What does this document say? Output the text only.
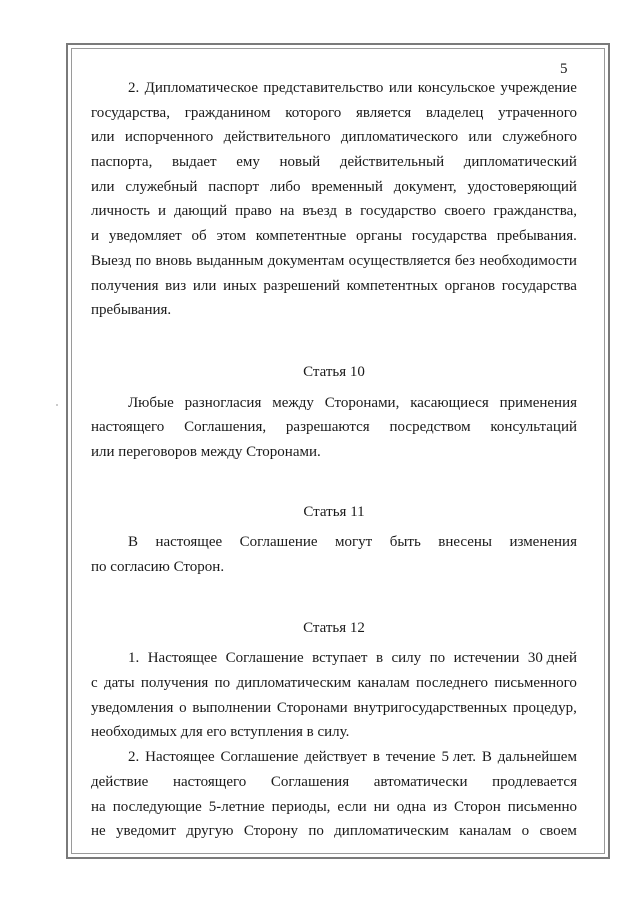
5
2. Дипломатическое представительство или консульское учреждение
государства, гражданином которого является владелец утраченного
или испорченного действительного дипломатического или служебного
паспорта, выдает ему новый действительный дипломатический
или служебный паспорт либо временный документ, удостоверяющий
личность и дающий право на въезд в государство своего гражданства,
и уведомляет об этом компетентные органы государства пребывания.
Выезд по вновь выданным документам осуществляется без необходимости
получения виз или иных разрешений компетентных органов государства
пребывания.
Статья 10
Любые разногласия между Сторонами, касающиеся применения
настоящего Соглашения, разрешаются посредством консультаций
или
переговоров
между
Сторонами.
Статья 11
В настоящее Соглашение могут быть внесены изменения
по
согласию
Сторон.
Статья 12
1. Настоящее Соглашение вступает в силу по истечении 30 дней
с даты получения по дипломатическим каналам последнего письменного
уведомления о выполнении Сторонами внутригосударственных процедур,
необходимых
для
его
вступления
в
силу.
2. Настоящее Соглашение действует в течение 5 лет. В дальнейшем
действие настоящего Соглашения автоматически продлевается
на последующие 5-летние периоды, если ни одна из Сторон письменно
не уведомит другую Сторону по дипломатическим каналам о своем
